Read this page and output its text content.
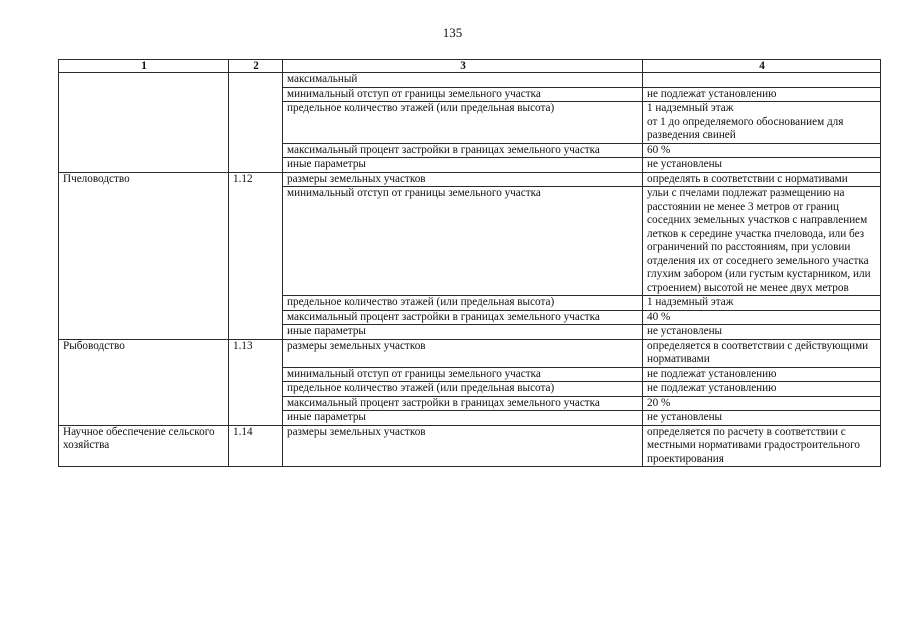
135
1	2	3	4
		максимальный	
		минимальный отступ от границы земельного участка	не подлежат установлению
		предельное количество этажей (или предельная высота)	1 надземный этаж
от 1 до определяемого обоснованием для разведения свиней
		максимальный процент застройки в границах земельного участка	60 %
		иные параметры	не установлены
Пчеловодство	1.12	размеры земельных участков	определять в соответствии с нормативами
		минимальный отступ от границы земельного участка	ульи с пчелами подлежат размещению на расстоянии не менее 3 метров от границ соседних земельных участков с направлением летков к середине участка пчеловода, или без ограничений по расстояниям, при условии отделения их от соседнего земельного участка глухим забором (или густым кустарником, или строением) высотой не менее двух метров
		предельное количество этажей (или предельная высота)	1 надземный этаж
		максимальный процент застройки в границах земельного участка	40 %
		иные параметры	не установлены
Рыбоводство	1.13	размеры земельных участков	определяется в соответствии с действующими нормативами
		минимальный отступ от границы земельного участка	не подлежат установлению
		предельное количество этажей (или предельная высота)	не подлежат установлению
		максимальный процент застройки в границах земельного участка	20 %
		иные параметры	не установлены
Научное обеспечение сельского хозяйства	1.14	размеры земельных участков	определяется по расчету в соответствии с местными нормативами градостроительного проектирования
